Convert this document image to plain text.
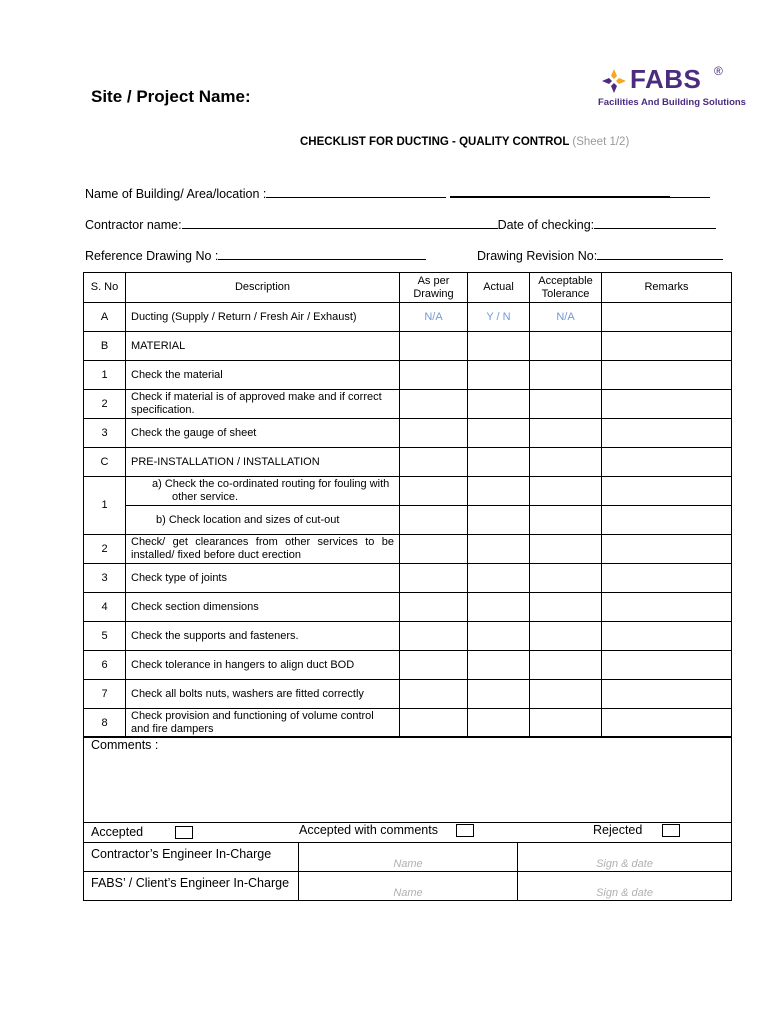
Site / Project Name:
FABS ®
Facilities And Building Solutions
CHECKLIST FOR DUCTING - QUALITY CONTROL (Sheet 1/2)
Name of Building/ Area/location :
Contractor name:	Date of checking:
Reference Drawing No :	Drawing Revision No:
S. No	Description	As per Drawing	Actual	Acceptable Tolerance	Remarks
A	Ducting (Supply / Return / Fresh Air / Exhaust)	N/A	Y / N	N/A	
B	MATERIAL				
1	Check the material				
2	Check if material is of approved make and if correct specification.				
3	Check the gauge of sheet				
C	PRE-INSTALLATION / INSTALLATION				
1	a) Check the co-ordinated routing for fouling with other service.				
	b) Check location and sizes of cut-out				
2	Check/ get clearances from other services to be installed/ fixed before duct erection				
3	Check type of joints				
4	Check section dimensions				
5	Check the supports and fasteners.				
6	Check tolerance in hangers to align duct BOD				
7	Check all bolts nuts, washers are fitted correctly				
8	Check provision and functioning of volume control and fire dampers				
Comments :		
Accepted Accepted with comments Rejected		

Contractor’s Engineer In-Charge	Name	Sign & date
FABS’ / Client’s Engineer In-Charge	Name	Sign & date
